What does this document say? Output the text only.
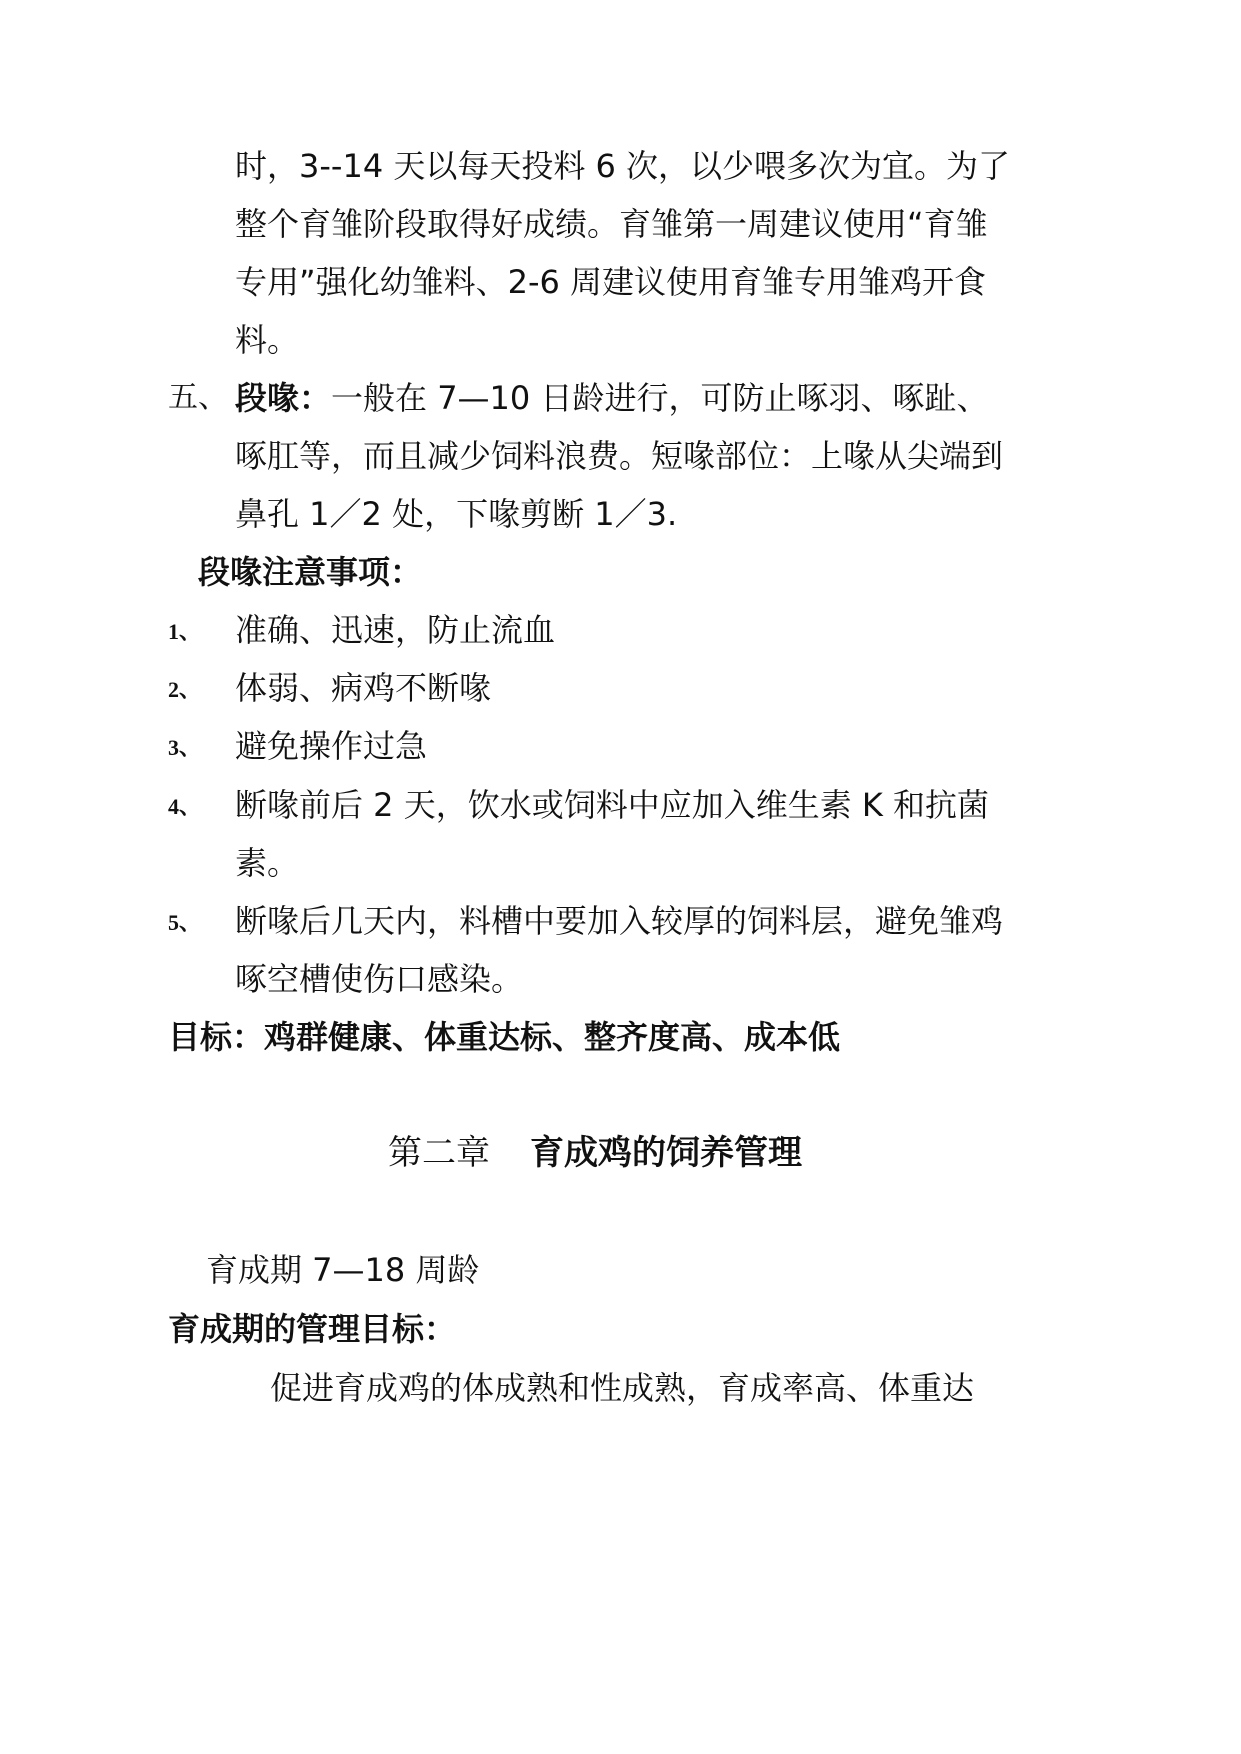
时，3--14 天以每天投料 6 次，以少喂多次为宜。为了
整个育雏阶段取得好成绩。育雏第一周建议使用“育雏
专用”强化幼雏料、2-6 周建议使用育雏专用雏鸡开食
料。
五、 段喙：一般在 7—10 日龄进行，可防止啄羽、啄趾、
啄肛等，而且减少饲料浪费。短喙部位：上喙从尖端到
鼻孔 1／2 处，下喙剪断 1／3.
段喙注意事项：
1、 准确、迅速，防止流血
2、 体弱、病鸡不断喙
3、 避免操作过急
4、 断喙前后 2 天，饮水或饲料中应加入维生素 K 和抗菌
素。
5、 断喙后几天内，料槽中要加入较厚的饲料层，避免雏鸡
啄空槽使伤口感染。
目标：鸡群健康、体重达标、整齐度高、成本低
第二章 育成鸡的饲养管理
育成期 7—18 周龄
育成期的管理目标：
促进育成鸡的体成熟和性成熟，育成率高、体重达
